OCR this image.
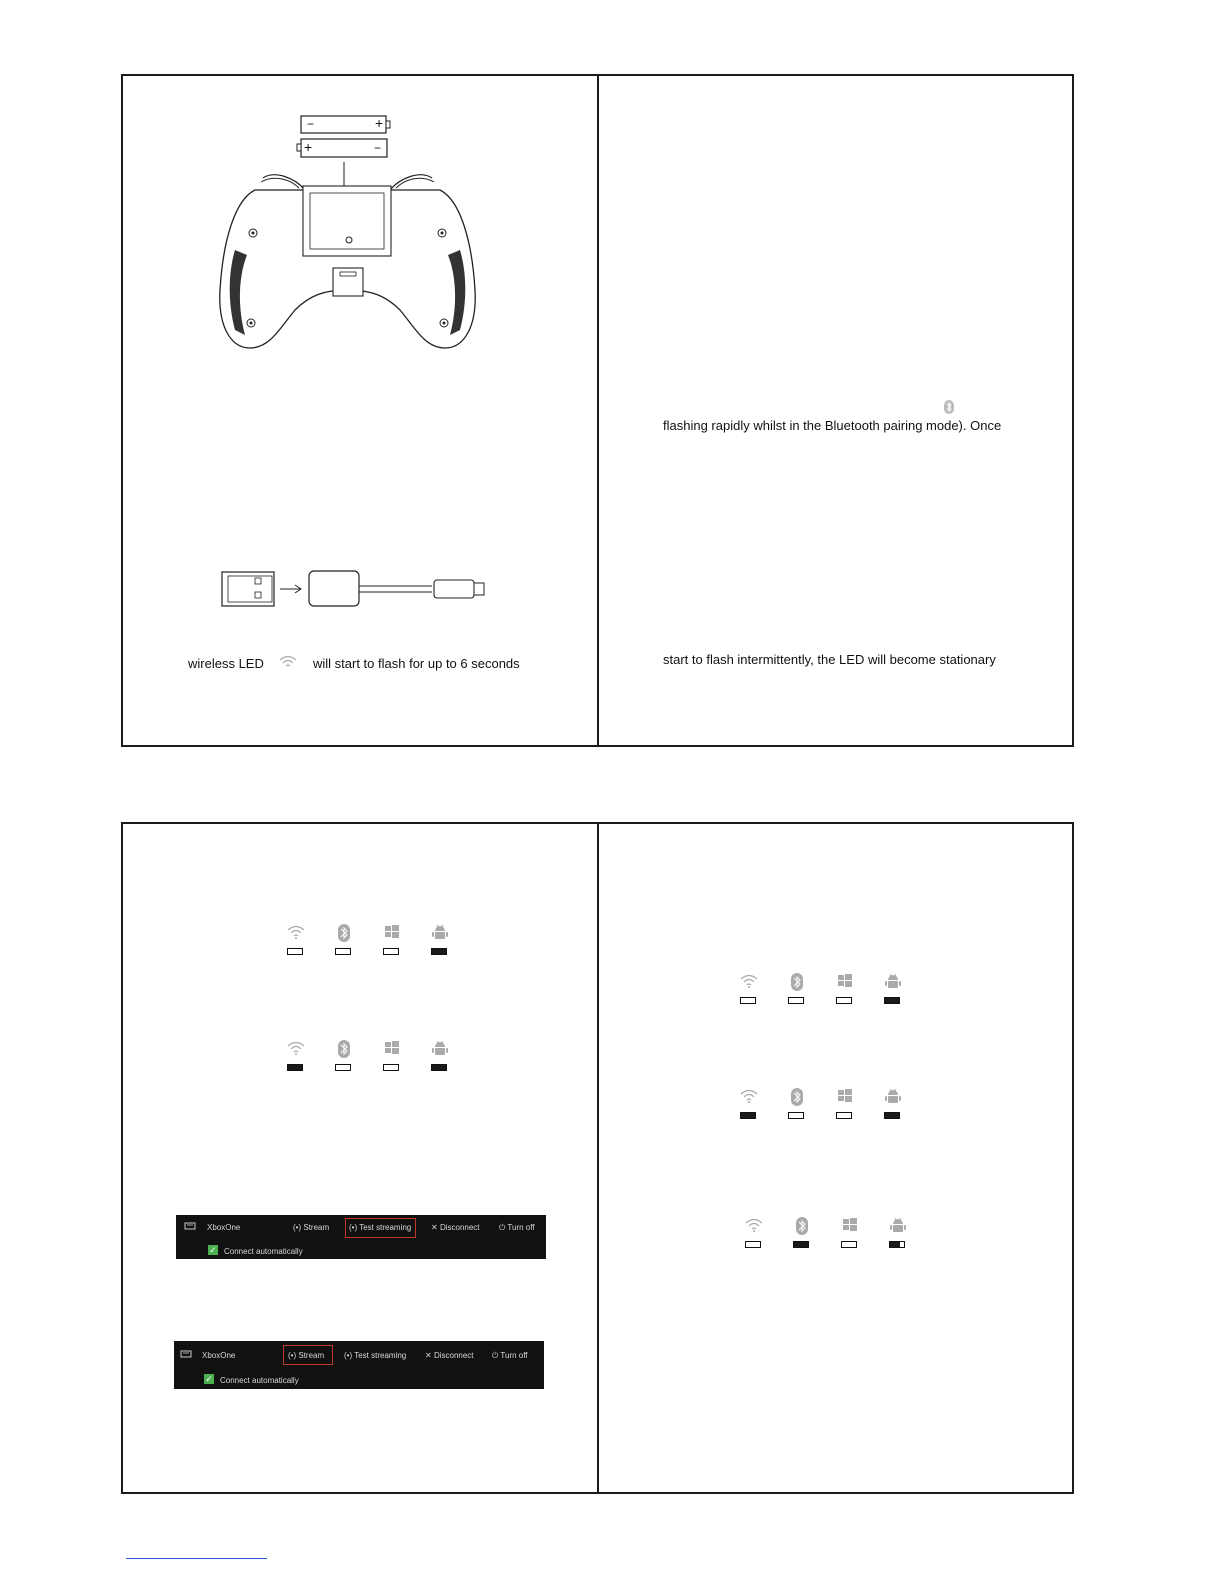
−	+
+	−
wireless LED	will start to flash for up to 6 seconds
flashing rapidly whilst in the Bluetooth pairing mode). Once
start to flash intermittently, the LED will become stationary
XboxOne	(•) Stream (•) Test streaming ✕ Disconnect ⏻ Turn off
✓ Connect automatically
XboxOne	(•) Stream (•) Test streaming ✕ Disconnect ⏻ Turn off
✓ Connect automatically
